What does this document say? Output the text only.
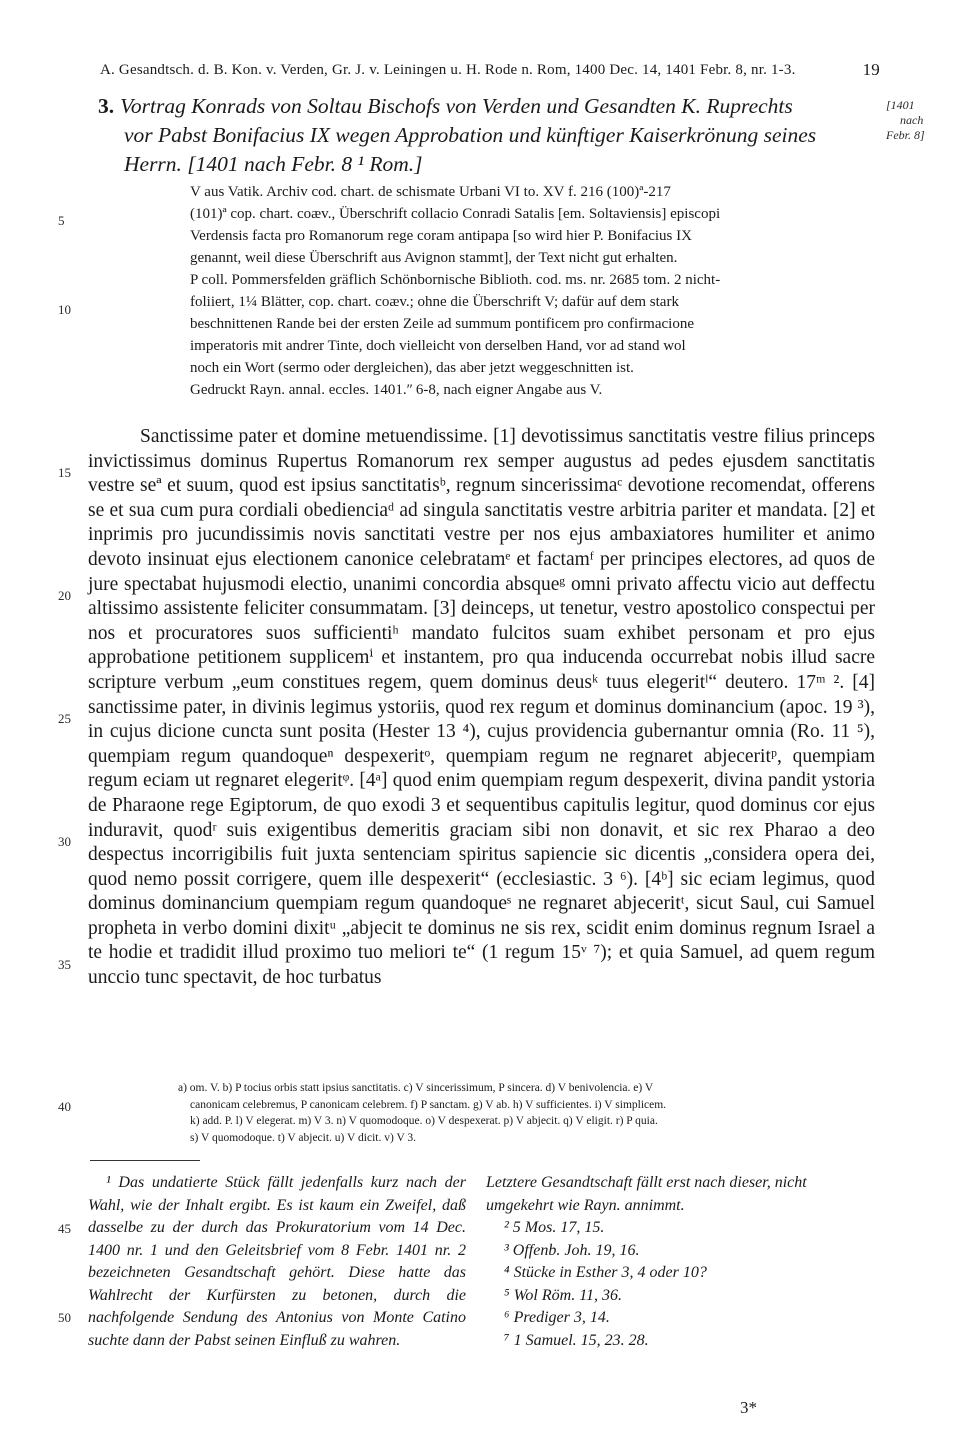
A. Gesandtsch. d. B. Kon. v. Verden, Gr. J. v. Leiningen u. H. Rode n. Rom, 1400 Dec. 14, 1401 Febr. 8, nr. 1-3.	19
3. Vortrag Konrads von Soltau Bischofs von Verden und Gesandten K. Ruprechts
vor Pabst Bonifacius IX wegen Approbation und künftiger Kaiserkrönung seines
Herrn. [1401 nach Febr. 8 ¹ Rom.]
[1401
nach
Febr. 8]
5
10
15
20
25
30
35
40
45
50

V aus Vatik. Archiv cod. chart. de schismate Urbani VI to. XV f. 216 (100)ª-217

(101)ª cop. chart. coæv., Überschrift collacio Conradi Satalis [em. Soltaviensis] episcopi

Verdensis facta pro Romanorum rege coram antipapa [so wird hier P. Bonifacius IX

genannt, weil diese Überschrift aus Avignon stammt], der Text nicht gut erhalten.

P coll. Pommersfelden gräflich Schönbornische Biblioth. cod. ms. nr. 2685 tom. 2 nicht-

foliiert, 1¼ Blätter, cop. chart. coæv.; ohne die Überschrift V; dafür auf dem stark

beschnittenen Rande bei der ersten Zeile ad summum pontificem pro confirmacione

imperatoris mit andrer Tinte, doch vielleicht von derselben Hand, vor ad stand wol

noch ein Wort (sermo oder dergleichen), das aber jetzt weggeschnitten ist.

Gedruckt Rayn. annal. eccles. 1401.ʺ 6-8, nach eigner Angabe aus V.

Sanctissime pater et domine metuendissime. [1] devotissimus sanctitatis vestre filius princeps invictissimus dominus Rupertus Romanorum rex semper augustus ad pedes ejusdem sanctitatis vestre seª et suum, quod est ipsius sanctitatisᵇ, regnum sincerissimaᶜ devotione recomendat, offerens se et sua cum pura cordiali obedienciaᵈ ad singula sanctitatis vestre arbitria pariter et mandata. [2] et inprimis pro jucundissimis novis sanctitati vestre per nos ejus ambaxiatores humiliter et animo devoto insinuat ejus electionem canonice celebratamᵉ et factamᶠ per principes electores, ad quos de jure spectabat hujusmodi electio, unanimi concordia absqueᵍ omni privato affectu vicio aut deffectu altissimo assistente feliciter consummatam. [3] deinceps, ut tenetur, vestro apostolico conspectui per nos et procuratores suos sufficientiʰ mandato fulcitos suam exhibet personam et pro ejus approbatione petitionem supplicemⁱ et instantem, pro qua inducenda occurrebat nobis illud sacre scripture verbum „eum constitues regem, quem dominus deusᵏ tuus elegeritˡ“ deutero. 17ᵐ ². [4] sanctissime pater, in divinis legimus ystoriis, quod rex regum et dominus dominancium (apoc. 19 ³), in cujus dicione cuncta sunt posita (Hester 13 ⁴), cujus providencia gubernantur omnia (Ro. 11 ⁵), quempiam regum quandoqueⁿ despexeritᵒ, quempiam regum ne regnaret abjeceritᵖ, quempiam regum eciam ut regnaret elegeritᵠ. [4ᵃ] quod enim quempiam regum despexerit, divina pandit ystoria de Pharaone rege Egiptorum, de quo exodi 3 et sequentibus capitulis legitur, quod dominus cor ejus induravit, quodʳ suis exigentibus demeritis graciam sibi non donavit, et sic rex Pharao a deo despectus incorrigibilis fuit juxta sentenciam spiritus sapiencie sic dicentis „considera opera dei, quod nemo possit corrigere, quem ille despexerit“ (ecclesiastic. 3 ⁶). [4ᵇ] sic eciam legimus, quod dominus dominancium quempiam regum quandoqueˢ ne regnaret abjeceritᵗ, sicut Saul, cui Samuel propheta in verbo domini dixitᵘ „abjecit te dominus ne sis rex, scidit enim dominus regnum Israel a te hodie et tradidit illud proximo tuo meliori te“ (1 regum 15ᵛ ⁷); et quia Samuel, ad quem regum unccio tunc spectavit, de hoc turbatus

a) om. V. b) P tocius orbis statt ipsius sanctitatis. c) V sincerissimum, P sincera. d) V benivolencia. e) V

canonicam celebremus, P canonicam celebrem. f) P sanctam. g) V ab. h) V sufficientes. i) V simplicem.

k) add. P. l) V elegerat. m) V 3. n) V quomodoque. o) V despexerat. p) V abjecit. q) V eligit. r) P quia.

s) V quomodoque. t) V abjecit. u) V dicit. v) V 3.

¹ Das undatierte Stück fällt jedenfalls kurz nach der Wahl, wie der Inhalt ergibt. Es ist kaum ein Zweifel, daß dasselbe zu der durch das Prokuratorium vom 14 Dec. 1400 nr. 1 und den Geleitsbrief vom 8 Febr. 1401 nr. 2 bezeichneten Gesandtschaft gehört. Diese hatte das Wahlrecht der Kurfürsten zu betonen, durch die nachfolgende Sendung des Antonius von Monte Catino suchte dann der Pabst seinen Einfluß zu wahren.

Letztere Gesandtschaft fällt erst nach dieser, nicht umgekehrt wie Rayn. annimmt.

² 5 Mos. 17, 15.

³ Offenb. Joh. 19, 16.

⁴ Stücke in Esther 3, 4 oder 10?

⁵ Wol Röm. 11, 36.

⁶ Prediger 3, 14.

⁷ 1 Samuel. 15, 23. 28.

3*
